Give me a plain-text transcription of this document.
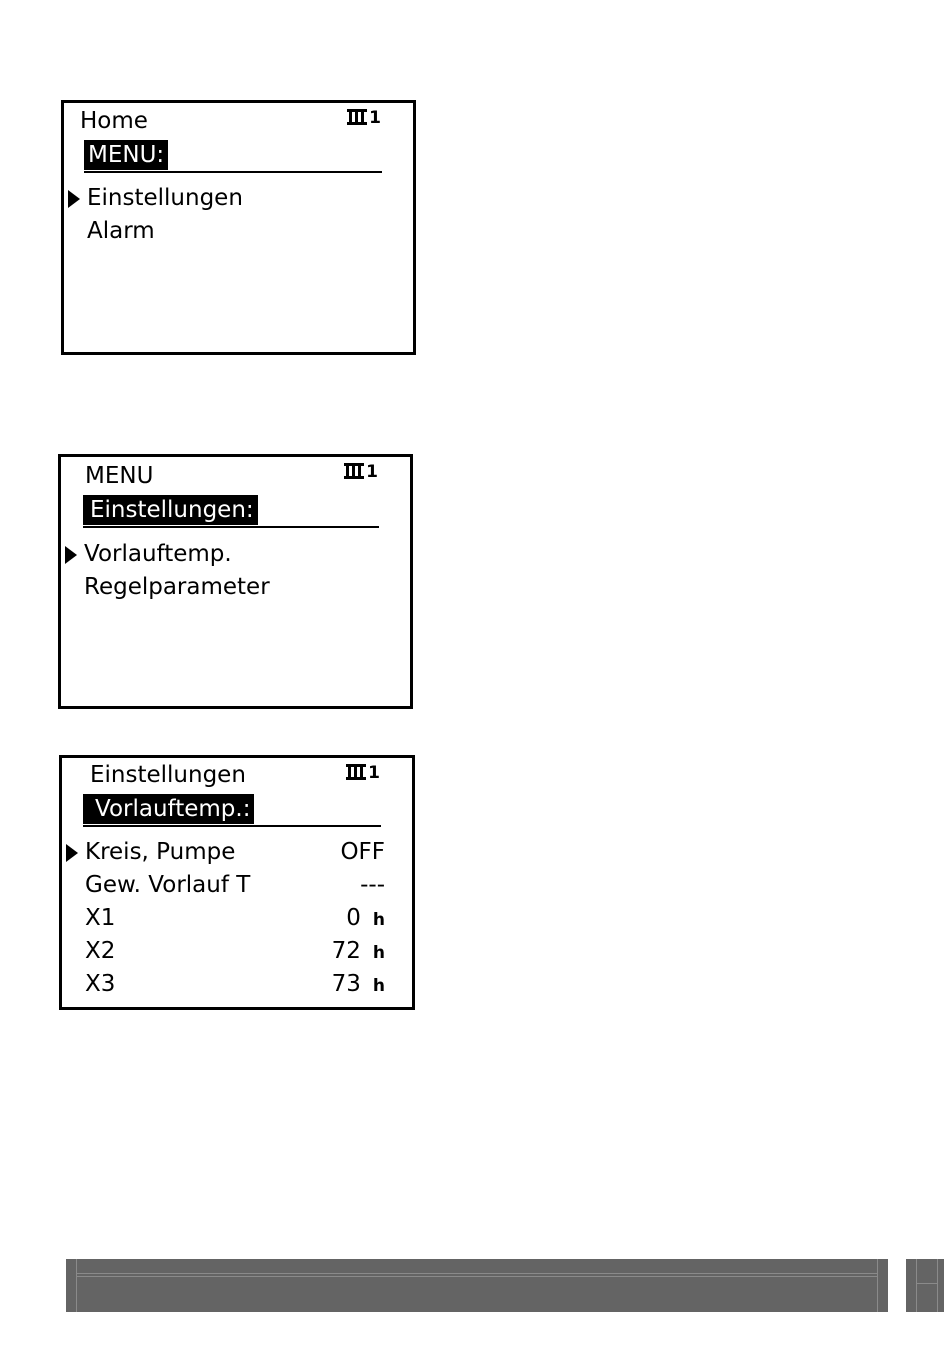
Home	1
MENU:
Einstellungen
Alarm
MENU	1
Einstellungen:
Vorlauftemp.
Regelparameter
Einstellungen	1
Vorlauftemp.:
Kreis, Pumpe	OFF
Gew. Vorlauf T	---
X1	0 h
X2	72 h
X3	73 h
